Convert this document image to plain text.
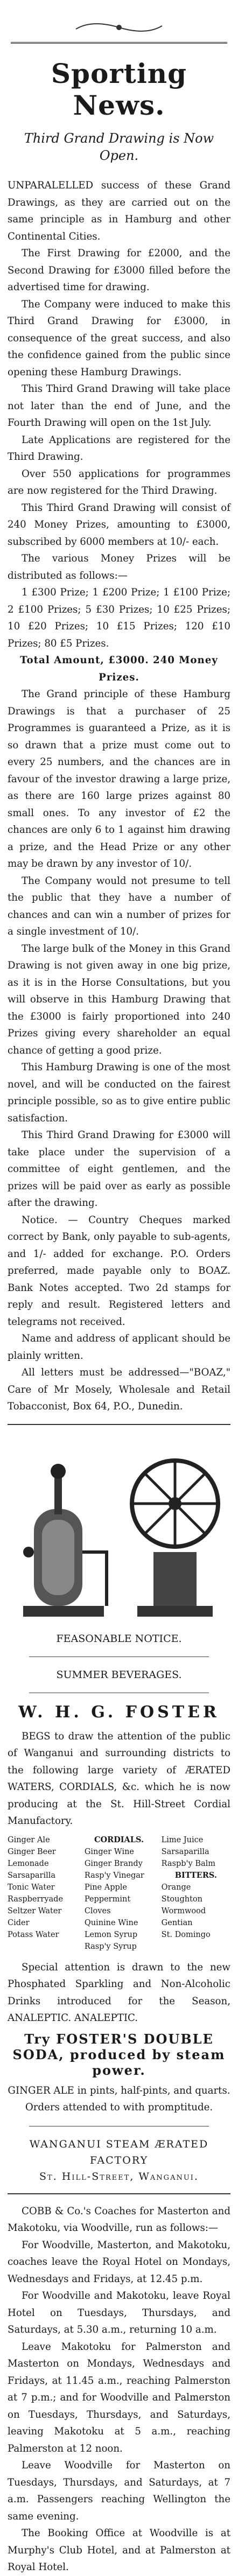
Sporting News.
Third Grand Drawing is Now Open.

UNPARALELLED success of these Grand Drawings, as they are carried out on the same principle as in Hamburg and other Continental Cities.

The First Drawing for £2000, and the Second Drawing for £3000 filled before the advertised time for drawing.

The Company were induced to make this Third Grand Drawing for £3000, in consequence of the great success, and also the confidence gained from the public since opening these Hamburg Drawings.

This Third Grand Drawing will take place not later than the end of June, and the Fourth Drawing will open on the 1st July.

Late Applications are registered for the Third Drawing.

Over 550 applications for programmes are now registered for the Third Drawing.

This Third Grand Drawing will consist of 240 Money Prizes, amounting to £3000, subscribed by 6000 members at 10/- each.

The various Money Prizes will be distributed as follows:—

1 £300 Prize; 1 £200 Prize; 1 £100 Prize; 2 £100 Prizes; 5 £30 Prizes; 10 £25 Prizes; 10 £20 Prizes; 10 £15 Prizes; 120 £10 Prizes; 80 £5 Prizes.

Total Amount, £3000. 240 Money Prizes.

The Grand principle of these Hamburg Drawings is that a purchaser of 25 Programmes is guaranteed a Prize, as it is so drawn that a prize must come out to every 25 numbers, and the chances are in favour of the investor drawing a large prize, as there are 160 large prizes against 80 small ones. To any investor of £2 the chances are only 6 to 1 against him drawing a prize, and the Head Prize or any other may be drawn by any investor of 10/.

The Company would not presume to tell the public that they have a number of chances and can win a number of prizes for a single investment of 10/.

The large bulk of the Money in this Grand Drawing is not given away in one big prize, as it is in the Horse Consultations, but you will observe in this Hamburg Drawing that the £3000 is fairly proportioned into 240 Prizes giving every shareholder an equal chance of getting a good prize.

This Hamburg Drawing is one of the most novel, and will be conducted on the fairest principle possible, so as to give entire public satisfaction.

This Third Grand Drawing for £3000 will take place under the supervision of a committee of eight gentlemen, and the prizes will be paid over as early as possible after the drawing.

Notice. — Country Cheques marked correct by Bank, only payable to sub-agents, and 1/- added for exchange. P.O. Orders preferred, made payable only to BOAZ. Bank Notes accepted. Two 2d stamps for reply and result. Registered letters and telegrams not received.

Name and address of applicant should be plainly written.

All letters must be addressed—"BOAZ," Care of Mr Mosely, Wholesale and Retail Tobacconist, Box 64, P.O., Dunedin.

FEASONABLE NOTICE.
SUMMER BEVERAGES.
W. H. G. FOSTER

BEGS to draw the attention of the public of Wanganui and surrounding districts to the following large variety of ÆRATED WATERS, CORDIALS, &c. which he is now producing at the St. Hill-Street Cordial Manufactory.

Ginger Ale
Ginger Beer
Lemonade
Sarsaparilla
Tonic Water
Raspberryade
Seltzer Water
Cider
Potass Water
CORDIALS.
Ginger Wine
Ginger Brandy
Rasp'y Vinegar
Pine Apple
Peppermint
Cloves
Quinine Wine
Lemon Syrup
Rasp'y Syrup
Lime Juice
Sarsaparilla
Raspb'y Balm
BITTERS.
Orange
Stoughton
Wormwood
Gentian
St. Domingo

Special attention is drawn to the new Phosphated Sparkling and Non-Alcoholic Drinks introduced for the Season, ANALEPTIC. ANALEPTIC.

Try FOSTER'S DOUBLE SODA, produced by steam power.

GINGER ALE in pints, half-pints, and quarts.

Orders attended to with promptitude.

WANGANUI STEAM ÆRATED FACTORY
St. Hill-Street, Wanganui.

COBB & Co.'s Coaches for Masterton and Makotoku, via Woodville, run as follows:—

For Woodville, Masterton, and Makotoku, coaches leave the Royal Hotel on Mondays, Wednesdays and Fridays, at 12.45 p.m.

For Woodville and Makotoku, leave Royal Hotel on Tuesdays, Thursdays, and Saturdays, at 5.30 a.m., returning 10 a.m.

Leave Makotoku for Palmerston and Masterton on Mondays, Wednesdays and Fridays, at 11.45 a.m., reaching Palmerston at 7 p.m.; and for Woodville and Palmerston on Tuesdays, Thursdays, and Saturdays, leaving Makotoku at 5 a.m., reaching Palmerston at 12 noon.

Leave Woodville for Masterton on Tuesdays, Thursdays, and Saturdays, at 7 a.m. Passengers reaching Wellington the same evening.

The Booking Office at Woodville is at Murphy's Club Hotel, and at Palmerston at Royal Hotel.
